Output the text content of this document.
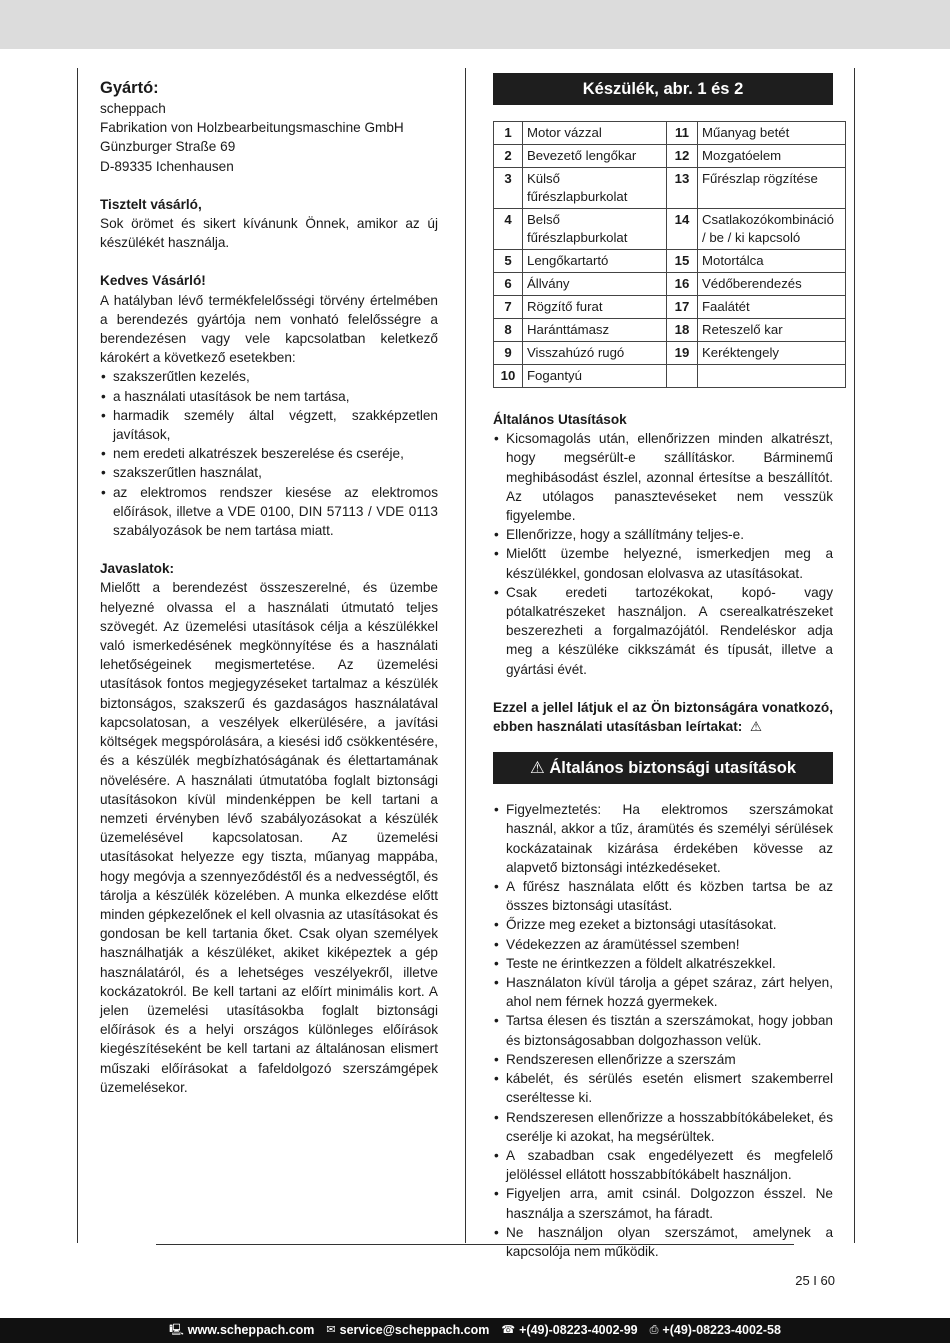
Gyártó:

scheppach

Fabrikation von Holzbearbeitungsmaschine GmbH

Günzburger Straße 69

D-89335 Ichenhausen

Tisztelt vásárló,

Sok örömet és sikert kívánunk Önnek, amikor az új készülékét használja.

Kedves Vásárló!

A hatályban lévő termékfelelősségi törvény értelmében a berendezés gyártója nem vonható felelősségre a berendezésen vagy vele kapcsolatban keletkező károkért a következő esetekben:

• szakszerűtlen kezelés,
• a használati utasítások be nem tartása,
• harmadik személy által végzett, szakképzetlen javítások,
• nem eredeti alkatrészek beszerelése és cseréje,
• szakszerűtlen használat,
• az elektromos rendszer kiesése az elektromos előírások, illetve a VDE 0100, DIN 57113 / VDE 0113 szabályozások be nem tartása miatt.

Javaslatok:

Mielőtt a berendezést összeszerelné, és üzembe helyezné olvassa el a használati útmutató teljes szövegét. Az üzemelési utasítások célja a készülékkel való ismerkedésének megkönnyítése és a használati lehetőségeinek megismertetése. Az üzemelési utasítások fontos megjegyzéseket tartalmaz a készülék biztonságos, szakszerű és gazdaságos használatával kapcsolatosan, a veszélyek elkerülésére, a javítási költségek megspórolására, a kiesési idő csökkentésére, és a készülék megbízhatóságának és élettartamának növelésére. A használati útmutatóba foglalt biztonsági utasításokon kívül mindenképpen be kell tartani a nemzeti érvényben lévő szabályozásokat a készülék üzemelésével kapcsolatosan. Az üzemelési utasításokat helyezze egy tiszta, műanyag mappába, hogy megóvja a szennyeződéstől és a nedvességtől, és tárolja a készülék közelében. A munka elkezdése előtt minden gépkezelőnek el kell olvasnia az utasításokat és gondosan be kell tartania őket. Csak olyan személyek használhatják a készüléket, akiket kiképeztek a gép használatáról, és a lehetséges veszélyekről, illetve kockázatokról. Be kell tartani az előírt minimális kort. A jelen üzemelési utasításokba foglalt biztonsági előírások és a helyi országos különleges előírások kiegészítéseként be kell tartani az általánosan elismert műszaki előírásokat a fafeldolgozó szerszámgépek üzemelésekor.

Készülék, abr. 1 és 2
1	Motor vázzal	11	Műanyag betét
2	Bevezető lengőkar	12	Mozgatóelem
3	Külső fűrészlapburkolat	13	Fűrészlap rögzítése
4	Belső fűrészlapburkolat	14	Csatlakozókombináció / be / ki kapcsoló
5	Lengőkartartó	15	Motortálca
6	Állvány	16	Védőberendezés
7	Rögzítő furat	17	Faalátét
8	Haránttámasz	18	Reteszelő kar
9	Visszahúzó rugó	19	Keréktengely
10	Fogantyú		

Általános Utasítások

• Kicsomagolás után, ellenőrizzen minden alkatrészt, hogy megsérült-e szállításkor. Bárminemű meghibásodást észlel, azonnal értesítse a beszállítót. Az utólagos panasztevéseket nem vesszük figyelembe.
• Ellenőrizze, hogy a szállítmány teljes-e.
• Mielőtt üzembe helyezné, ismerkedjen meg a készülékkel, gondosan elolvasva az utasításokat.
• Csak eredeti tartozékokat, kopó- vagy pótalkatrészeket használjon. A cserealkatrészeket beszerezheti a forgalmazójától. Rendeléskor adja meg a készüléke cikkszámát és típusát, illetve a gyártási évét.

Ezzel a jellel látjuk el az Ön biztonságára vonatkozó, ebben használati utasításban leírtakat: ⚠

⚠ Általános biztonsági utasítások
• Figyelmeztetés: Ha elektromos szerszámokat használ, akkor a tűz, áramütés és személyi sérülések kockázatainak kizárása érdekében kövesse az alapvető biztonsági intézkedéseket.
• A fűrész használata előtt és közben tartsa be az összes biztonsági utasítást.
• Őrizze meg ezeket a biztonsági utasításokat.
• Védekezzen az áramütéssel szemben!
• Teste ne érintkezzen a földelt alkatrészekkel.
• Használaton kívül tárolja a gépet száraz, zárt helyen, ahol nem férnek hozzá gyermekek.
• Tartsa élesen és tisztán a szerszámokat, hogy jobban és biztonságosabban dolgozhasson velük.
• Rendszeresen ellenőrizze a szerszám
• kábelét, és sérülés esetén elismert szakemberrel cseréltesse ki.
• Rendszeresen ellenőrizze a hosszabbítókábeleket, és cserélje ki azokat, ha megsérültek.
• A szabadban csak engedélyezett és megfelelő jelöléssel ellátott hosszabbítókábelt használjon.
• Figyeljen arra, amit csinál. Dolgozzon ésszel. Ne használja a szerszámot, ha fáradt.
• Ne használjon olyan szerszámot, amelynek a kapcsolója nem működik.
25 I 60
🖳 www.scheppach.com ✉ service@scheppach.com ☎ +(49)-08223-4002-99 ⎙ +(49)-08223-4002-58
